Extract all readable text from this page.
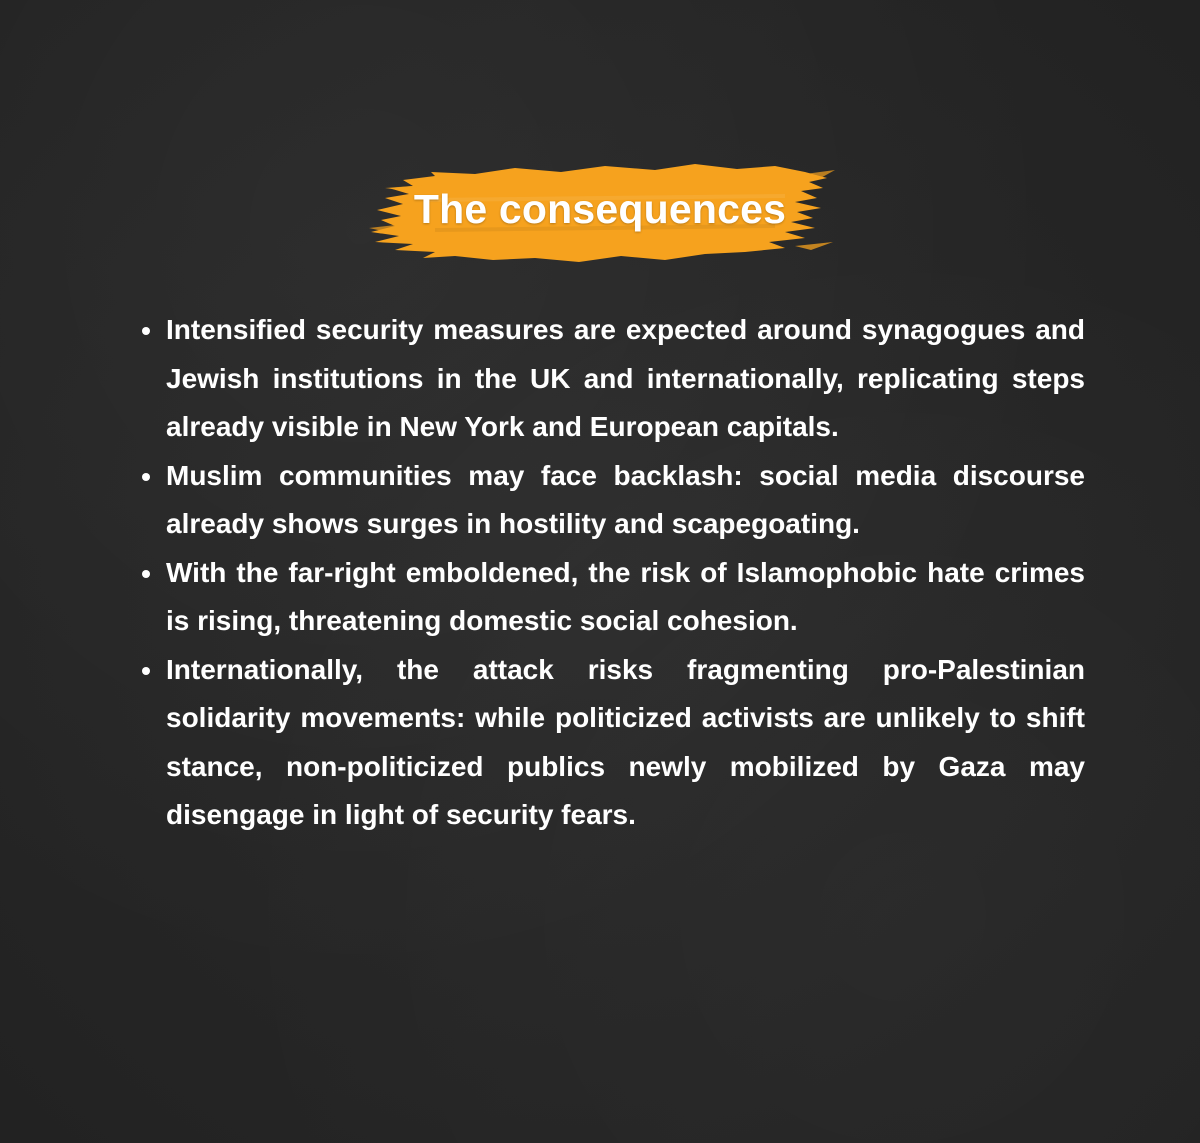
The consequences
Intensified security measures are expected around synagogues and Jewish institutions in the UK and internationally, replicating steps already visible in New York and European capitals.
Muslim communities may face backlash: social media discourse already shows surges in hostility and scapegoating.
With the far-right emboldened, the risk of Islamophobic hate crimes is rising, threatening domestic social cohesion.
Internationally, the attack risks fragmenting pro-Palestinian solidarity movements: while politicized activists are unlikely to shift stance, non-politicized publics newly mobilized by Gaza may disengage in light of security fears.
